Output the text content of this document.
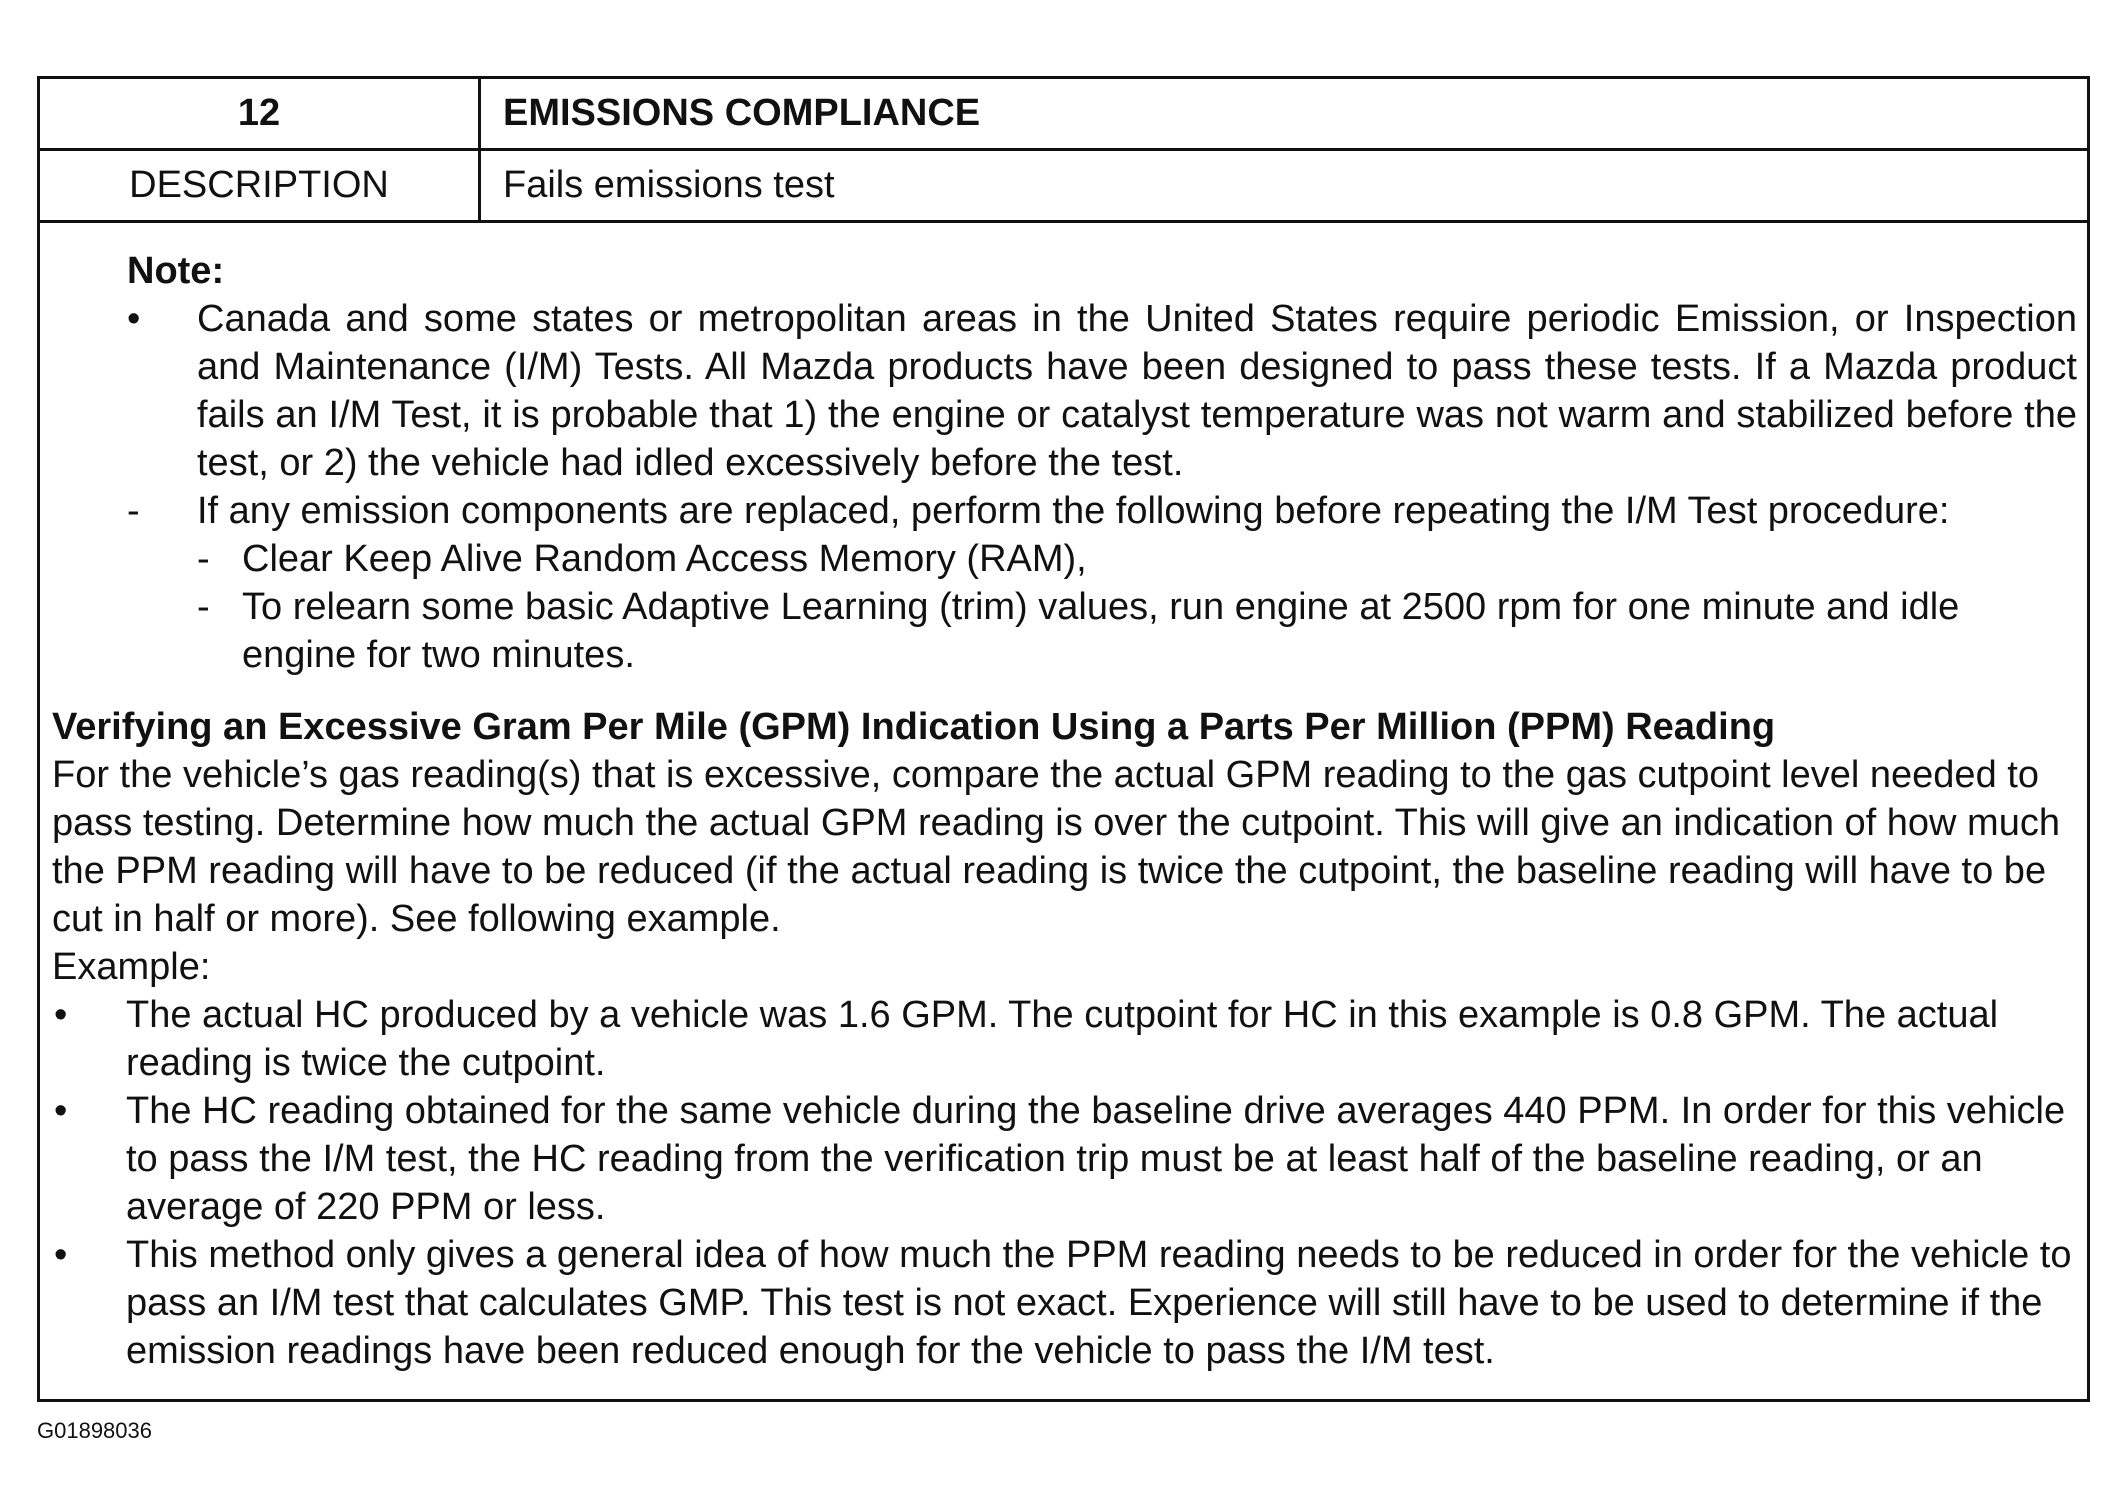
12	EMISSIONS COMPLIANCE
DESCRIPTION	Fails emissions test
Note:
• Canada and some states or metropolitan areas in the United States require periodic Emission, or Inspection and Maintenance (I/M) Tests. All Mazda products have been designed to pass these tests. If a Mazda product fails an I/M Test, it is probable that 1) the engine or catalyst temperature was not warm and stabilized before the test, or 2) the vehicle had idled excessively before the test.
- If any emission components are replaced, perform the following before repeating the I/M Test procedure:
- Clear Keep Alive Random Access Memory (RAM),
- To relearn some basic Adaptive Learning (trim) values, run engine at 2500 rpm for one minute and idle engine for two minutes.
Verifying an Excessive Gram Per Mile (GPM) Indication Using a Parts Per Million (PPM) Reading
For the vehicle’s gas reading(s) that is excessive, compare the actual GPM reading to the gas cutpoint level needed to pass testing. Determine how much the actual GPM reading is over the cutpoint. This will give an indication of how much the PPM reading will have to be reduced (if the actual reading is twice the cutpoint, the baseline reading will have to be cut in half or more). See following example.
Example:
• The actual HC produced by a vehicle was 1.6 GPM. The cutpoint for HC in this example is 0.8 GPM. The actual reading is twice the cutpoint.
• The HC reading obtained for the same vehicle during the baseline drive averages 440 PPM. In order for this vehicle to pass the I/M test, the HC reading from the verification trip must be at least half of the baseline reading, or an average of 220 PPM or less.
• This method only gives a general idea of how much the PPM reading needs to be reduced in order for the vehicle to pass an I/M test that calculates GMP. This test is not exact. Experience will still have to be used to determine if the emission readings have been reduced enough for the vehicle to pass the I/M test.
G01898036
